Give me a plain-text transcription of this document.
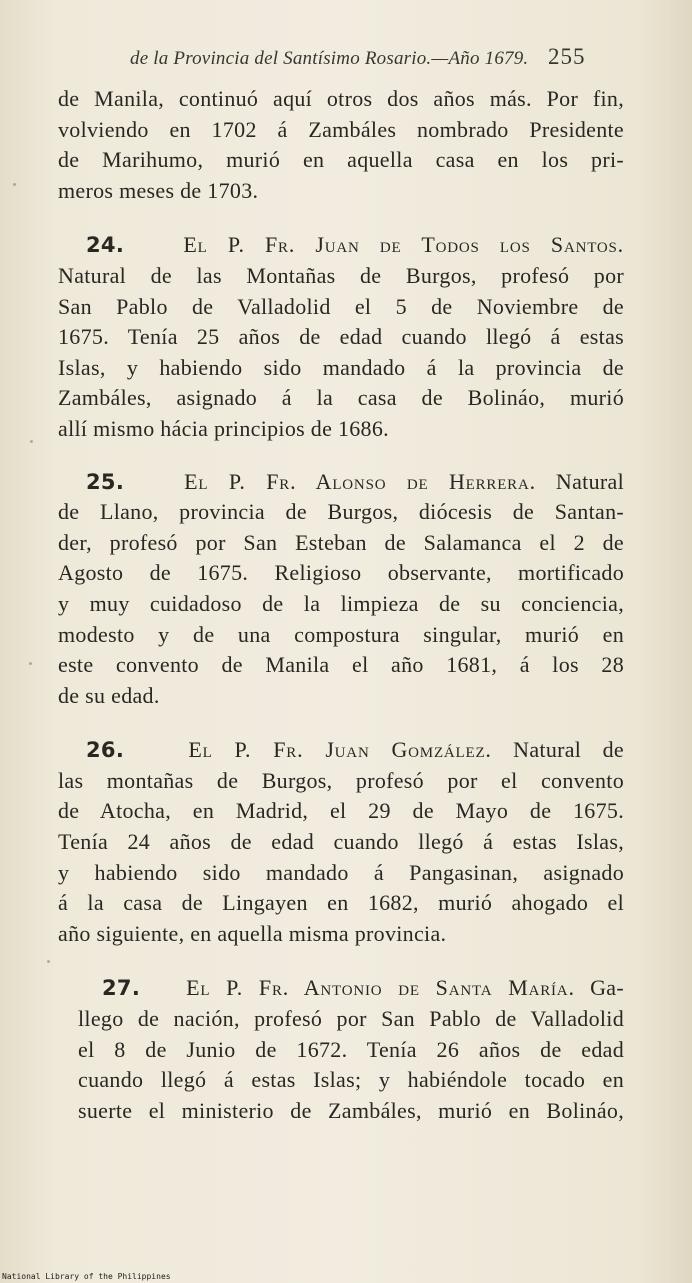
de la Provincia del Santísimo Rosario.—Año 1679. 255
de Manila, continuó aquí otros dos años más. Por fin,
volviendo en 1702 á Zambáles nombrado Presidente
de Marihumo, murió en aquella casa en los pri-
meros meses de 1703.
24.	El P. Fr. Juan de Todos los Santos.
Natural de las Montañas de Burgos, profesó por
San Pablo de Valladolid el 5 de Noviembre de
1675. Tenía 25 años de edad cuando llegó á estas
Islas, y habiendo sido mandado á la provincia de
Zambáles, asignado á la casa de Bolináo, murió
allí mismo hácia principios de 1686.
25.	El P. Fr. Alonso de Herrera. Natural
de Llano, provincia de Burgos, diócesis de Santan-
der, profesó por San Esteban de Salamanca el 2 de
Agosto de 1675. Religioso observante, mortificado
y muy cuidadoso de la limpieza de su conciencia,
modesto y de una compostura singular, murió en
este convento de Manila el año 1681, á los 28
de su edad.
26.	El P. Fr. Juan Gomzález. Natural de
las montañas de Burgos, profesó por el convento
de Atocha, en Madrid, el 29 de Mayo de 1675.
Tenía 24 años de edad cuando llegó á estas Islas,
y habiendo sido mandado á Pangasinan, asignado
á la casa de Lingayen en 1682, murió ahogado el
año siguiente, en aquella misma provincia.
27. El P. Fr. Antonio de Santa María. Ga-
llego de nación, profesó por San Pablo de Valladolid
el 8 de Junio de 1672. Tenía 26 años de edad
cuando llegó á estas Islas; y habiéndole tocado en
suerte el ministerio de Zambáles, murió en Bolináo,
National Library of the Philippines
